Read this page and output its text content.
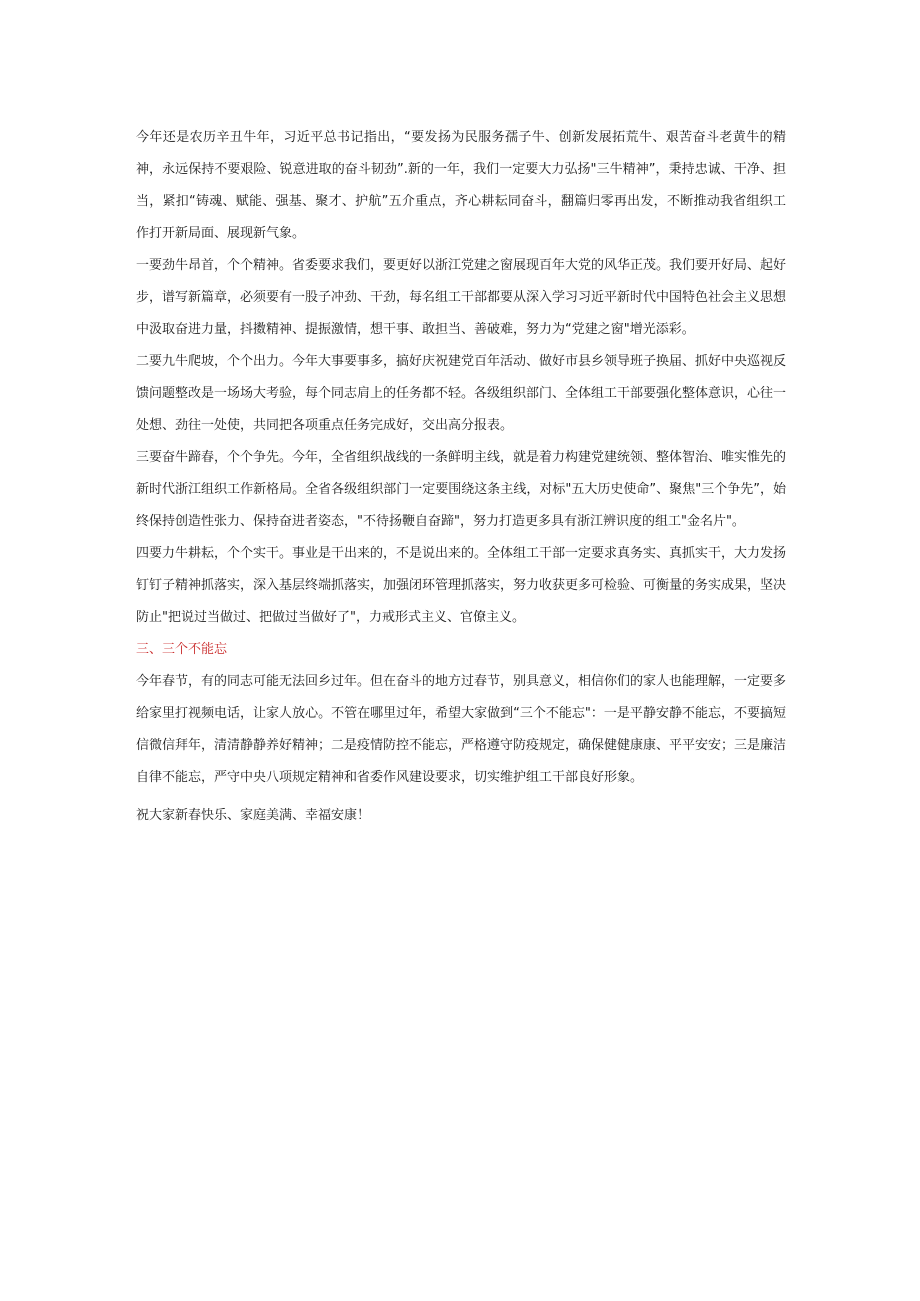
今年还是农历辛丑牛年，习近平总书记指出，“要发扬为民服务孺子牛、创新发展拓荒牛、艰苦奋斗老黄牛的精神，永远保持不要艰险、锐意进取的奋斗韧劲”.新的一年，我们一定要大力弘扬"三牛精神”，秉持忠诚、干净、担当，紧扣“铸魂、赋能、强基、聚才、护航”五介重点，齐心耕耘同奋斗，翻篇归零再出发，不断推动我省组织工作打开新局面、展现新气象。

一要劲牛昂首，个个精神。省委要求我们，要更好以浙江党建之窗展现百年大党的风华正茂。我们要开好局、起好步，谱写新篇章，必须要有一股子冲劲、干劲，每名组工干部都要从深入学习习近平新时代中国特色社会主义思想中汲取奋进力量，抖擞精神、提振激情，想干事、敢担当、善破难，努力为“党建之窗"增光添彩。

二要九牛爬坡，个个出力。今年大事要事多，搞好庆祝建党百年活动、做好市县乡领导班子换届、抓好中央巡视反馈问题整改是一场场大考验，每个同志肩上的任务都不轻。各级组织部门、全体组工干部要强化整体意识，心往一处想、劲往一处使，共同把各项重点任务完成好，交出高分报表。

三要奋牛蹄春，个个争先。今年，全省组织战线的一条鲜明主线，就是着力构建党建统领、整体智治、唯实惟先的新时代浙江组织工作新格局。全省各级组织部门一定要围绕这条主线，对标"五大历史使命”、聚焦"三个争先”，始终保持创造性张力、保持奋进者姿态，"不待扬鞭自奋蹄"，努力打造更多具有浙江辨识度的组工"金名片"。

四要力牛耕耘，个个实干。事业是干出来的，不是说出来的。全体组工干部一定要求真务实、真抓实干，大力发扬钉钉子精神抓落实，深入基层终端抓落实，加强闭环管理抓落实，努力收获更多可检验、可衡量的务实成果，坚决防止"把说过当做过、把做过当做好了"，力戒形式主义、官僚主义。

三、三个不能忘

今年春节，有的同志可能无法回乡过年。但在奋斗的地方过春节，别具意义，相信你们的家人也能理解，一定要多给家里打视频电话，让家人放心。不管在哪里过年，希望大家做到“三个不能忘"：一是平静安静不能忘，不要搞短信微信拜年，清清静静养好精神；二是疫情防控不能忘，严格遵守防疫规定，确保健健康康、平平安安；三是廉洁自律不能忘，严守中央八项规定精神和省委作风建设要求，切实维护组工干部良好形象。

祝大家新春快乐、家庭美满、幸福安康！
